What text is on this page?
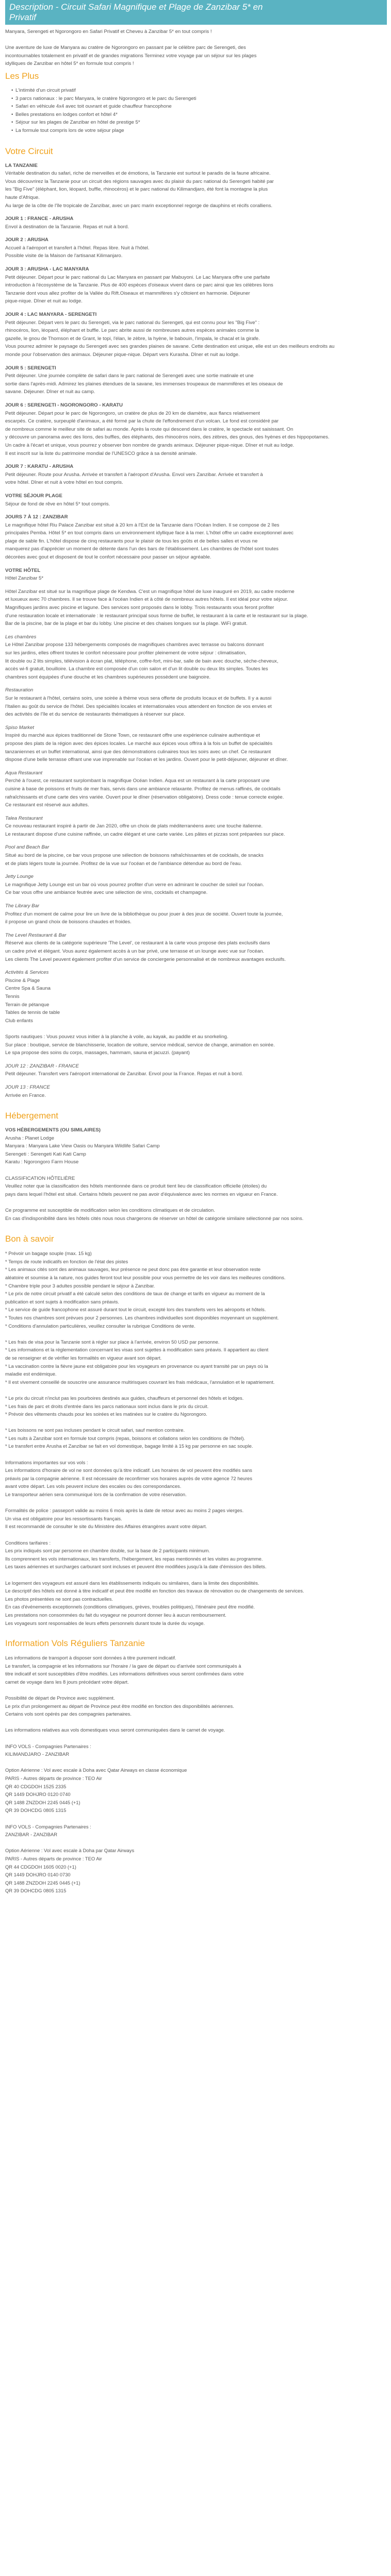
Description - Circuit Safari Magnifique et Plage de Zanzibar 5* en
Privatif
Manyara, Serengeti et Ngorongoro en Safari Privatif et Cheveu à Zanzibar 5* en tout compris !
Une aventure de luxe de Manyara au cratère de Ngorongoro en passant par le célèbre parc de Serengeti, des
incontournables totalement en privatif et de grandes migrations Terminez votre voyage par un séjour sur les plages
idylliques de Zanzibar en hôtel 5* en formule tout compris !
Les Plus
• L'intimité d'un circuit privatif
• 3 parcs nationaux : le parc Manyara, le cratère Ngorongoro et le parc du Serengeti
• Safari en véhicule 4x4 avec toit ouvrant et guide chauffeur francophone
• Belles prestations en lodges confort et hôtel 4*
• Séjour sur les plages de Zanzibar en hôtel de prestige 5*
• La formule tout compris lors de votre séjour plage
Votre Circuit
LA TANZANIE
Véritable destination du safari, riche de merveilles et de émotions, la Tanzanie est surtout le paradis de la faune africaine.
Vous découvrirez la Tanzanie pour un circuit des régions sauvages avec du plaisir du parc national du Serengeti habité par
les "Big Five" (éléphant, lion, léopard, buffle, rhinocéros) et le parc national du Kilimandjaro, été font la montagne la plus
haute d'Afrique.
Au large de la côte de l'île tropicale de Zanzibar, avec un parc marin exceptionnel regorge de dauphins et récifs coralliens.
JOUR 1 : FRANCE - ARUSHA
Envol à destination de la Tanzanie. Repas et nuit à bord.
JOUR 2 : ARUSHA
Accueil à l'aéroport et transfert à l'hôtel. Repas libre. Nuit à l'hôtel.
Possible visite de la Maison de l'artisanat Kilimanjaro.
JOUR 3 : ARUSHA - LAC MANYARA
Petit déjeuner. Départ pour le parc national du Lac Manyara en passant par Mabuyoni. Le Lac Manyara offre une parfaite
introduction à l'écosystème de la Tanzanie. Plus de 400 espèces d'oiseaux vivent dans ce parc ainsi que les célèbres lions
Tanzanie dont vous allez profiter de la Vallée du Rift.Oiseaux et mammifères s'y côtoient en harmonie. Déjeuner
pique-nique. Dîner et nuit au lodge.
JOUR 4 : LAC MANYARA - SERENGETI
Petit déjeuner. Départ vers le parc du Serengeti, via le parc national du Serengeti, qui est connu pour les "Big Five" :
rhinocéros, lion, léopard, éléphant et buffle. Le parc abrite aussi de nombreuses autres espèces animales comme la
gazelle, le gnou de Thomson et de Grant, le topi, l'élan, le zèbre, la hyène, le babouin, l'impala, le chacal et la girafe.
Vous pourrez admirer le paysage du Serengeti avec ses grandes plaines de savane. Cette destination est unique, elle est un des meilleurs endroits au
monde pour l'observation des animaux. Déjeuner pique-nique. Départ vers Kurasha. Dîner et nuit au lodge.
JOUR 5 : SERENGETI
Petit déjeuner. Une journée complète de safari dans le parc national de Serengeti avec une sortie matinale et une
sortie dans l'après-midi. Admirez les plaines étendues de la savane, les immenses troupeaux de mammifères et les oiseaux de
savane. Déjeuner. Dîner et nuit au camp.
JOUR 6 : SERENGETI - NGORONGORO - KARATU
Petit déjeuner. Départ pour le parc de Ngorongoro, un cratère de plus de 20 km de diamètre, aux flancs relativement
escarpés. Ce cratère, surpeuplé d'animaux, a été formé par la chute de l'effondrement d'un volcan. Le fond est considéré par
de nombreux comme le meilleur site de safari au monde. Après la route qui descend dans le cratère, le spectacle est saisissant. On
y découvre un panorama avec des lions, des buffles, des éléphants, des rhinocéros noirs, des zèbres, des gnous, des hyènes et des hippopotames.
Un cadre à l'écart et unique, vous pourrez y observer bon nombre de grands animaux. Déjeuner pique-nique. Dîner et nuit au lodge.
Il est inscrit sur la liste du patrimoine mondial de l'UNESCO grâce à sa densité animale.
JOUR 7 : KARATU - ARUSHA
Petit déjeuner. Route pour Arusha. Arrivée et transfert à l'aéroport d'Arusha. Envol vers Zanzibar. Arrivée et transfert à
votre hôtel. Dîner et nuit à votre hôtel en tout compris.
VOTRE SÉJOUR PLAGE
Séjour de fond de rêve en hôtel 5* tout compris.
JOURS 7 À 12 : ZANZIBAR
Le magnifique hôtel Riu Palace Zanzibar est situé à 20 km à l'Est de la Tanzanie dans l'Océan Indien. Il se compose de 2 îles
principales Pemba. Hôtel 5* en tout compris dans un environnement idyllique face à la mer. L'hôtel offre un cadre exceptionnel avec
plage de sable fin. L'hôtel dispose de cinq restaurants pour le plaisir de tous les goûts et de belles salles et vous ne
manquerez pas d'apprécier un moment de détente dans l'un des bars de l'établissement. Les chambres de l'hôtel sont toutes
décorées avec gout et disposent de tout le confort nécessaire pour passer un séjour agréable.
VOTRE HÔTEL
Hôtel Zanzibar 5*
Hôtel Zanzibar est situé sur la magnifique plage de Kendwa. C'est un magnifique hôtel de luxe inauguré en 2019, au cadre moderne
et luxueux avec 70 chambres. Il se trouve face à l'océan Indien et à côté de nombreux autres hôtels. Il est idéal pour votre séjour.
Magnifiques jardins avec piscine et lagune. Des services sont proposés dans le lobby. Trois restaurants vous feront profiter
d'une restauration locale et internationale : le restaurant principal sous forme de buffet, le restaurant à la carte et le restaurant sur la plage.
Bar de la piscine, bar de la plage et bar du lobby. Une piscine et des chaises longues sur la plage. WiFi gratuit.
Les chambres
Le Hôtel Zanzibar propose 133 hébergements composés de magnifiques chambres avec terrasse ou balcons donnant
sur les jardins, elles offrent toutes le confort nécessaire pour profiter pleinement de votre séjour : climatisation,
lit double ou 2 lits simples, télévision à écran plat, téléphone, coffre-fort, mini-bar, salle de bain avec douche, sèche-cheveux,
accès wi-fi gratuit, bouilloire. La chambre est composée d'un coin salon et d'un lit double ou deux lits simples. Toutes les
chambres sont équipées d'une douche et les chambres supérieures possèdent une baignoire.
Restauration
Sur le restaurant à l'hôtel, certains soirs, une soirée à thème vous sera offerte de produits locaux et de buffets. Il y a aussi
l'Italien au goût du service de l'hôtel. Des spécialités locales et internationales vous attendent en fonction de vos envies et
des activités de l'île et du service de restaurants thématiques à réserver sur place.
Spiso Market
Inspiré du marché aux épices traditionnel de Stone Town, ce restaurant offre une expérience culinaire authentique et
propose des plats de la région avec des épices locales. Le marché aux épices vous offrira à la fois un buffet de spécialités
tanzaniennes et un buffet international, ainsi que des démonstrations culinaires tous les soirs avec un chef. Ce restaurant
dispose d'une belle terrasse offrant une vue imprenable sur l'océan et les jardins. Ouvert pour le petit-déjeuner, déjeuner et dîner.
Aqua Restaurant
Perché à l'ouest, ce restaurant surplombant la magnifique Océan Indien. Aqua est un restaurant à la carte proposant une
cuisine à base de poissons et fruits de mer frais, servis dans une ambiance relaxante. Profitez de menus raffinés, de cocktails
rafraîchissants et d'une carte des vins variée. Ouvert pour le dîner (réservation obligatoire). Dress code : tenue correcte exigée.
Ce restaurant est réservé aux adultes.
Talea Restaurant
Ce nouveau restaurant inspiré à partir de Jan 2020, offre un choix de plats méditerranéens avec une touche italienne.
Le restaurant dispose d'une cuisine raffinée, un cadre élégant et une carte variée. Les pâtes et pizzas sont préparées sur place.
Pool and Beach Bar
Situé au bord de la piscine, ce bar vous propose une sélection de boissons rafraîchissantes et de cocktails, de snacks
et de plats légers toute la journée. Profitez de la vue sur l'océan et de l'ambiance détendue au bord de l'eau.
Jetty Lounge
Le magnifique Jetty Lounge est un bar où vous pourrez profiter d'un verre en admirant le coucher de soleil sur l'océan.
Ce bar vous offre une ambiance feutrée avec une sélection de vins, cocktails et champagne.
The Library Bar
Profitez d'un moment de calme pour lire un livre de la bibliothèque ou pour jouer à des jeux de société. Ouvert toute la journée,
il propose un grand choix de boissons chaudes et froides.
The Level Restaurant & Bar
Réservé aux clients de la catégorie supérieure 'The Level', ce restaurant à la carte vous propose des plats exclusifs dans
un cadre privé et élégant. Vous aurez également accès à un bar privé, une terrasse et un lounge avec vue sur l'océan.
Les clients The Level peuvent également profiter d'un service de conciergerie personnalisé et de nombreux avantages exclusifs.
Activités & Services
Piscine & Plage
Centre Spa & Sauna
Tennis
Terrain de pétanque
Tables de tennis de table
Club enfants
Sports nautiques : Vous pouvez vous initier à la planche à voile, au kayak, au paddle et au snorkeling.
Sur place : boutique, service de blanchisserie, location de voiture, service médical, service de change, animation en soirée.
Le spa propose des soins du corps, massages, hammam, sauna et jacuzzi. (payant)
JOUR 12 : ZANZIBAR - FRANCE
Petit déjeuner. Transfert vers l'aéroport international de Zanzibar. Envol pour la France. Repas et nuit à bord.
JOUR 13 : FRANCE
Arrivée en France.
Hébergement
VOS HÉBERGEMENTS (OU SIMILAIRES)
Arusha : Planet Lodge
Manyara : Manyara Lake View Oasis ou Manyara Wildlife Safari Camp
Serengeti : Serengeti Kati Kati Camp
Karatu : Ngorongoro Farm House
CLASSIFICATION HÔTELIÈRE
Veuillez noter que la classification des hôtels mentionnée dans ce produit tient lieu de classification officielle (étoiles) du
pays dans lequel l'hôtel est situé. Certains hôtels peuvent ne pas avoir d'équivalence avec les normes en vigueur en France.
Ce programme est susceptible de modification selon les conditions climatiques et de circulation.
En cas d'indisponibilité dans les hôtels cités nous nous chargerons de réserver un hôtel de catégorie similaire sélectionné par nos soins.
Bon à savoir
* Prévoir un bagage souple (max. 15 kg)
* Temps de route indicatifs en fonction de l'état des pistes
* Les animaux cités sont des animaux sauvages, leur présence ne peut donc pas être garantie et leur observation reste
aléatoire et soumise à la nature, nos guides feront tout leur possible pour vous permettre de les voir dans les meilleures conditions.
* Chambre triple pour 3 adultes possible pendant le séjour à Zanzibar.
* Le prix de notre circuit privatif a été calculé selon des conditions de taux de change et tarifs en vigueur au moment de la
publication et sont sujets à modification sans préavis.
* Le service de guide francophone est assuré durant tout le circuit, excepté lors des transferts vers les aéroports et hôtels.
* Toutes nos chambres sont prévues pour 2 personnes. Les chambres individuelles sont disponibles moyennant un supplément.
* Conditions d'annulation particulières, veuillez consulter la rubrique Conditions de vente.
* Les frais de visa pour la Tanzanie sont à régler sur place à l'arrivée, environ 50 USD par personne.
* Les informations et la réglementation concernant les visas sont sujettes à modification sans préavis. Il appartient au client
de se renseigner et de vérifier les formalités en vigueur avant son départ.
* La vaccination contre la fièvre jaune est obligatoire pour les voyageurs en provenance ou ayant transité par un pays où la
maladie est endémique.
* Il est vivement conseillé de souscrire une assurance multirisques couvrant les frais médicaux, l'annulation et le rapatriement.
* Le prix du circuit n'inclut pas les pourboires destinés aux guides, chauffeurs et personnel des hôtels et lodges.
* Les frais de parc et droits d'entrée dans les parcs nationaux sont inclus dans le prix du circuit.
* Prévoir des vêtements chauds pour les soirées et les matinées sur le cratère du Ngorongoro.
* Les boissons ne sont pas incluses pendant le circuit safari, sauf mention contraire.
* Les nuits à Zanzibar sont en formule tout compris (repas, boissons et collations selon les conditions de l'hôtel).
* Le transfert entre Arusha et Zanzibar se fait en vol domestique, bagage limité à 15 kg par personne en sac souple.
Informations importantes sur vos vols :
Les informations d'horaire de vol ne sont données qu'à titre indicatif. Les horaires de vol peuvent être modifiés sans
préavis par la compagnie aérienne. Il est nécessaire de reconfirmer vos horaires auprès de votre agence 72 heures
avant votre départ. Les vols peuvent inclure des escales ou des correspondances.
Le transporteur aérien sera communiqué lors de la confirmation de votre réservation.
Formalités de police : passeport valide au moins 6 mois après la date de retour avec au moins 2 pages vierges.
Un visa est obligatoire pour les ressortissants français.
Il est recommandé de consulter le site du Ministère des Affaires étrangères avant votre départ.
Conditions tarifaires :
Les prix indiqués sont par personne en chambre double, sur la base de 2 participants minimum.
Ils comprennent les vols internationaux, les transferts, l'hébergement, les repas mentionnés et les visites au programme.
Les taxes aériennes et surcharges carburant sont incluses et peuvent être modifiées jusqu'à la date d'émission des billets.
Le logement des voyageurs est assuré dans les établissements indiqués ou similaires, dans la limite des disponibilités.
Le descriptif des hôtels est donné à titre indicatif et peut être modifié en fonction des travaux de rénovation ou de changements de services.
Les photos présentées ne sont pas contractuelles.
En cas d'événements exceptionnels (conditions climatiques, grèves, troubles politiques), l'itinéraire peut être modifié.
Les prestations non consommées du fait du voyageur ne pourront donner lieu à aucun remboursement.
Les voyageurs sont responsables de leurs effets personnels durant toute la durée du voyage.
Information Vols Réguliers Tanzanie
Les informations de transport à disposer sont données à titre purement indicatif.
Le transfert, la compagnie et les informations sur l'horaire / la gare de départ ou d'arrivée sont communiqués à
titre indicatif et sont susceptibles d'être modifiés. Les informations définitives vous seront confirmées dans votre
carnet de voyage dans les 8 jours précédant votre départ.
Possibilité de départ de Province avec supplément.
Le prix d'un prolongement au départ de Province peut être modifié en fonction des disponibilités aériennes.
Certains vols sont opérés par des compagnies partenaires.
Les informations relatives aux vols domestiques vous seront communiquées dans le carnet de voyage.
INFO VOLS - Compagnies Partenaires :
KILIMANDJARO - ZANZIBAR
Option Aérienne : Vol avec escale à Doha avec Qatar Airways en classe économique
PARIS - Autres départs de province : TEO Air
QR 40 CDGDOH 1525 2335
QR 1449 DOHJRO 0120 0740
QR 1488 ZNZDOH 2245 0445 (+1)
QR 39 DOHCDG 0805 1315
INFO VOLS - Compagnies Partenaires :
ZANZIBAR - ZANZIBAR
Option Aérienne : Vol avec escale à Doha par Qatar Airways
PARIS - Autres départs de province : TEO Air
QR 44 CDGDOH 1605 0020 (+1)
QR 1449 DOHJRO 0140 0730
QR 1488 ZNZDOH 2245 0445 (+1)
QR 39 DOHCDG 0805 1315
